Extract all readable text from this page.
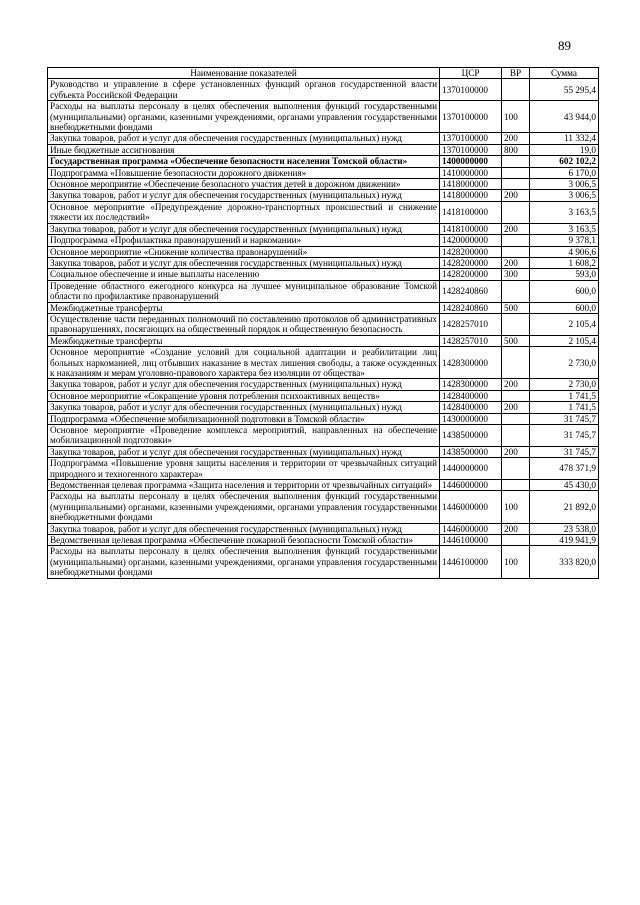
89
Наименование показателей	ЦСР	ВР	Сумма
Руководство и управление в сфере установленных функций органов государственной власти субъекта Российской Федерации	1370100000		55 295,4
Расходы на выплаты персоналу в целях обеспечения выполнения функций государственными (муниципальными) органами, казенными учреждениями, органами управления государственными внебюджетными фондами	1370100000	100	43 944,0
Закупка товаров, работ и услуг для обеспечения государственных (муниципальных) нужд	1370100000	200	11 332,4
Иные бюджетные ассигнования	1370100000	800	19,0
Государственная программа «Обеспечение безопасности населения Томской области»	1400000000		602 102,2
Подпрограмма «Повышение безопасности дорожного движения»	1410000000		6 170,0
Основное мероприятие «Обеспечение безопасного участия детей в дорожном движении»	1418000000		3 006,5
Закупка товаров, работ и услуг для обеспечения государственных (муниципальных) нужд	1418000000	200	3 006,5
Основное мероприятие «Предупреждение дорожно-транспортных происшествий и снижение тяжести их последствий»	1418100000		3 163,5
Закупка товаров, работ и услуг для обеспечения государственных (муниципальных) нужд	1418100000	200	3 163,5
Подпрограмма «Профилактика правонарушений и наркомании»	1420000000		9 378,1
Основное мероприятие «Снижение количества правонарушений»	1428200000		4 906,6
Закупка товаров, работ и услуг для обеспечения государственных (муниципальных) нужд	1428200000	200	1 608,2
Социальное обеспечение и иные выплаты населению	1428200000	300	593,0
Проведение областного ежегодного конкурса на лучшее муниципальное образование Томской области по профилактике правонарушений	1428240860		600,0
Межбюджетные трансферты	1428240860	500	600,0
Осуществление части переданных полномочий по составлению протоколов об административных правонарушениях, посягающих на общественный порядок и общественную безопасность	1428257010		2 105,4
Межбюджетные трансферты	1428257010	500	2 105,4
Основное мероприятие «Создание условий для социальной адаптации и реабилитации лиц больных наркоманией, лиц отбывших наказание в местах лишения свободы, а также осужденных к наказаниям и мерам уголовно-правового характера без изоляции от общества»	1428300000		2 730,0
Закупка товаров, работ и услуг для обеспечения государственных (муниципальных) нужд	1428300000	200	2 730,0
Основное мероприятие «Сокращение уровня потребления психоактивных веществ»	1428400000		1 741,5
Закупка товаров, работ и услуг для обеспечения государственных (муниципальных) нужд	1428400000	200	1 741,5
Подпрограмма «Обеспечение мобилизационной подготовки в Томской области»	1430000000		31 745,7
Основное мероприятие «Проведение комплекса мероприятий, направленных на обеспечение мобилизационной подготовки»	1438500000		31 745,7
Закупка товаров, работ и услуг для обеспечения государственных (муниципальных) нужд	1438500000	200	31 745,7
Подпрограмма «Повышение уровня защиты населения и территории от чрезвычайных ситуаций природного и техногенного характера»	1440000000		478 371,9
Ведомственная целевая программа «Защита населения и территории от чрезвычайных ситуаций»	1446000000		45 430,0
Расходы на выплаты персоналу в целях обеспечения выполнения функций государственными (муниципальными) органами, казенными учреждениями, органами управления государственными внебюджетными фондами	1446000000	100	21 892,0
Закупка товаров, работ и услуг для обеспечения государственных (муниципальных) нужд	1446000000	200	23 538,0
Ведомственная целевая программа «Обеспечение пожарной безопасности Томской области»	1446100000		419 941,9
Расходы на выплаты персоналу в целях обеспечения выполнения функций государственными (муниципальными) органами, казенными учреждениями, органами управления государственными внебюджетными фондами	1446100000	100	333 820,0
